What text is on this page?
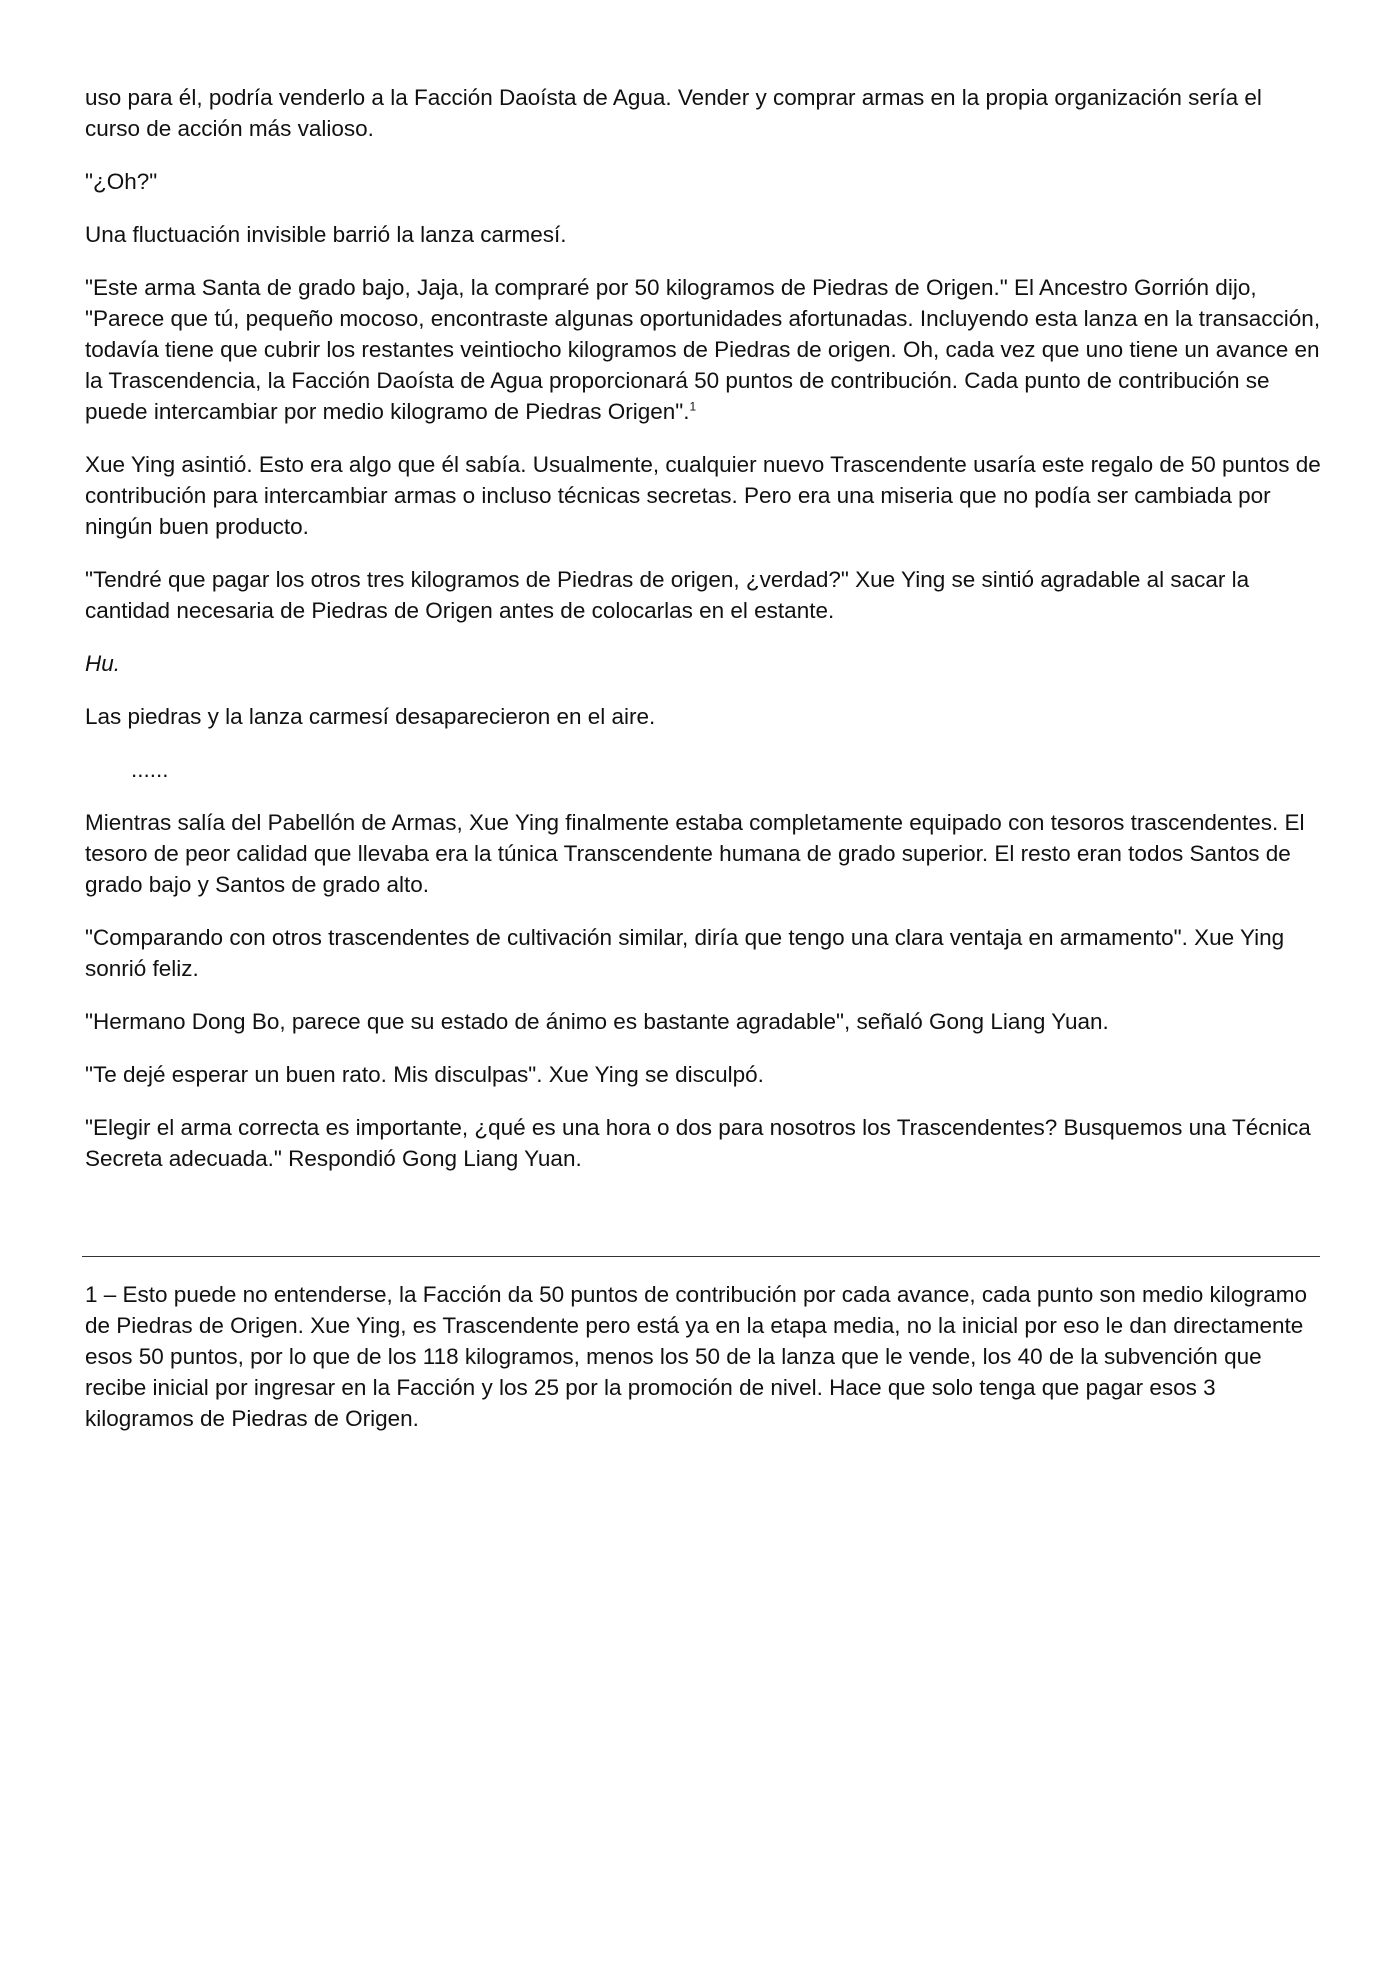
uso para él, podría venderlo a la Facción Daoísta de Agua. Vender y comprar armas en la propia organización sería el curso de acción más valioso.

"¿Oh?"

Una fluctuación invisible barrió la lanza carmesí.

"Este arma Santa de grado bajo, Jaja, la compraré por 50 kilogramos de Piedras de Origen." El Ancestro Gorrión dijo, "Parece que tú, pequeño mocoso, encontraste algunas oportunidades afortunadas. Incluyendo esta lanza en la transacción, todavía tiene que cubrir los restantes veintiocho kilogramos de Piedras de origen. Oh, cada vez que uno tiene un avance en la Trascendencia, la Facción Daoísta de Agua proporcionará 50 puntos de contribución. Cada punto de contribución se puede intercambiar por medio kilogramo de Piedras Origen".$^1$

Xue Ying asintió. Esto era algo que él sabía. Usualmente, cualquier nuevo Trascendente usaría este regalo de 50 puntos de contribución para intercambiar armas o incluso técnicas secretas. Pero era una miseria que no podía ser cambiada por ningún buen producto.

"Tendré que pagar los otros tres kilogramos de Piedras de origen, ¿verdad?" Xue Ying se sintió agradable al sacar la cantidad necesaria de Piedras de Origen antes de colocarlas en el estante.

Hu.

Las piedras y la lanza carmesí desaparecieron en el aire.

......

Mientras salía del Pabellón de Armas, Xue Ying finalmente estaba completamente equipado con tesoros trascendentes. El tesoro de peor calidad que llevaba era la túnica Transcendente humana de grado superior. El resto eran todos Santos de grado bajo y Santos de grado alto.

"Comparando con otros trascendentes de cultivación similar, diría que tengo una clara ventaja en armamento". Xue Ying sonrió feliz.

"Hermano Dong Bo, parece que su estado de ánimo es bastante agradable", señaló Gong Liang Yuan.

"Te dejé esperar un buen rato. Mis disculpas". Xue Ying se disculpó.

"Elegir el arma correcta es importante, ¿qué es una hora o dos para nosotros los Trascendentes? Busquemos una Técnica Secreta adecuada." Respondió Gong Liang Yuan.

1 – Esto puede no entenderse, la Facción da 50 puntos de contribución por cada avance, cada punto son medio kilogramo de Piedras de Origen. Xue Ying, es Trascendente pero está ya en la etapa media, no la inicial por eso le dan directamente esos 50 puntos, por lo que de los 118 kilogramos, menos los 50 de la lanza que le vende, los 40 de la subvención que recibe inicial por ingresar en la Facción y los 25 por la promoción de nivel. Hace que solo tenga que pagar esos 3 kilogramos de Piedras de Origen.
